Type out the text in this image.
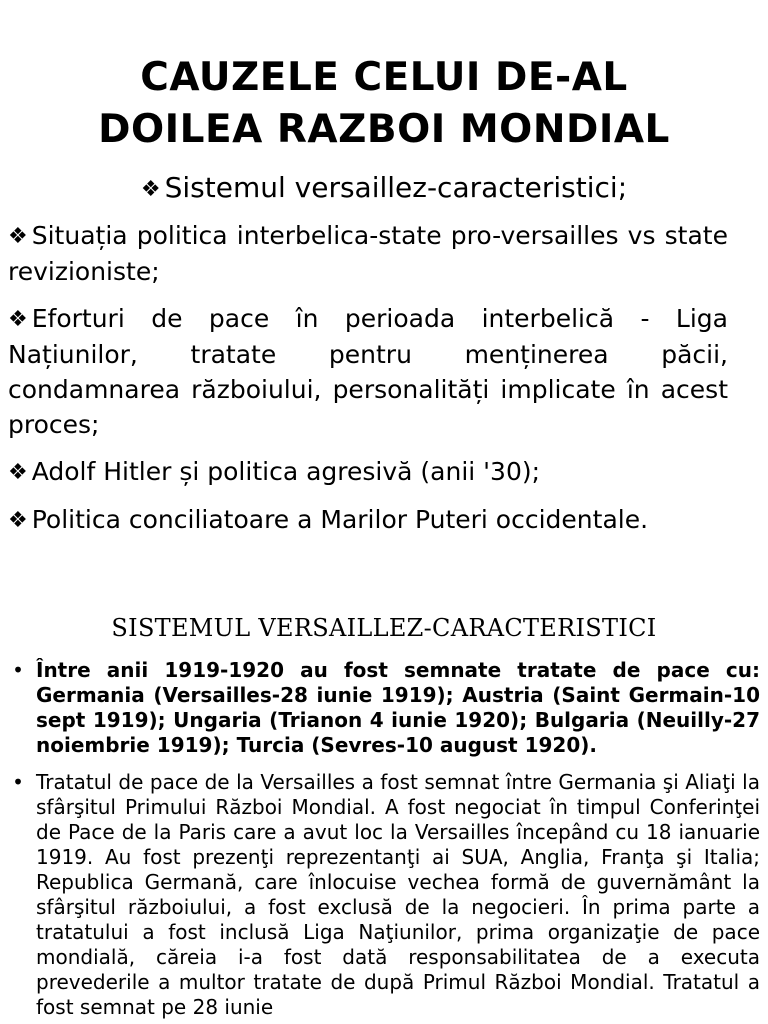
CAUZELE CELUI DE-AL
DOILEA RAZBOI MONDIAL
❖ Sistemul versaillez-caracteristici;
❖ Situația politica interbelica-state pro-versailles vs state revizioniste;
❖ Eforturi de pace în perioada interbelică - Liga Națiunilor, tratate pentru menținerea păcii, condamnarea războiului, personalități implicate în acest proces;
❖ Adolf Hitler și politica agresivă (anii '30);
❖ Politica conciliatoare a Marilor Puteri occidentale.
SISTEMUL VERSAILLEZ-CARACTERISTICI
• Între anii 1919-1920 au fost semnate tratate de pace cu: Germania (Versailles-28 iunie 1919); Austria (Saint Germain-10 sept 1919); Ungaria (Trianon 4 iunie 1920); Bulgaria (Neuilly-27 noiembrie 1919); Turcia (Sevres-10 august 1920).
• Tratatul de pace de la Versailles a fost semnat între Germania şi Aliaţi la sfârşitul Primului Război Mondial. A fost negociat în timpul Conferinţei de Pace de la Paris care a avut loc la Versailles începând cu 18 ianuarie 1919. Au fost prezenţi reprezentanţi ai SUA, Anglia, Franţa şi Italia; Republica Germană, care înlocuise vechea formă de guvernământ la sfârşitul războiului, a fost exclusă de la negocieri. În prima parte a tratatului a fost inclusă Liga Naţiunilor, prima organizaţie de pace mondială, căreia i-a fost dată responsabilitatea de a executa prevederile a multor tratate de după Primul Război Mondial. Tratatul a fost semnat pe 28 iunie
